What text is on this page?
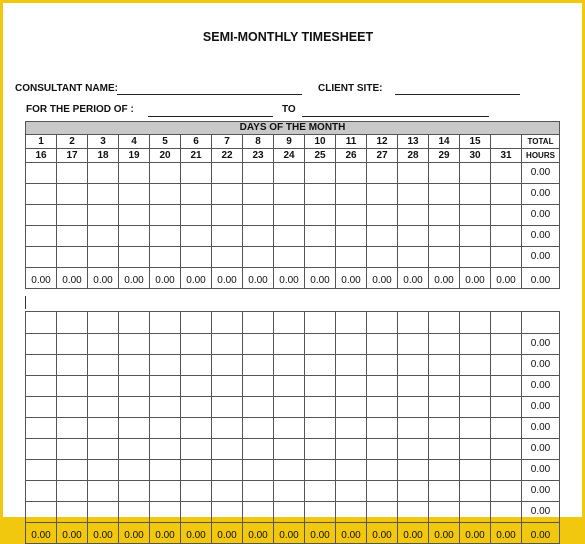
SEMI-MONTHLY TIMESHEET
CONSULTANT NAME:	CLIENT SITE:
FOR THE PERIOD OF :	TO
DAYS OF THE MONTH																
1	2	3	4	5	6	7	8	9	10	11	12	13	14	15		TOTAL
16	17	18	19	20	21	22	23	24	25	26	27	28	29	30	31	HOURS
																0.00
																0.00
																0.00
																0.00
																0.00
0.00	0.00	0.00	0.00	0.00	0.00	0.00	0.00	0.00	0.00	0.00	0.00	0.00	0.00	0.00	0.00	0.00

																0.00
																0.00
																0.00
																0.00
																0.00
																0.00
																0.00
																0.00
																0.00
0.00	0.00	0.00	0.00	0.00	0.00	0.00	0.00	0.00	0.00	0.00	0.00	0.00	0.00	0.00	0.00	0.00
